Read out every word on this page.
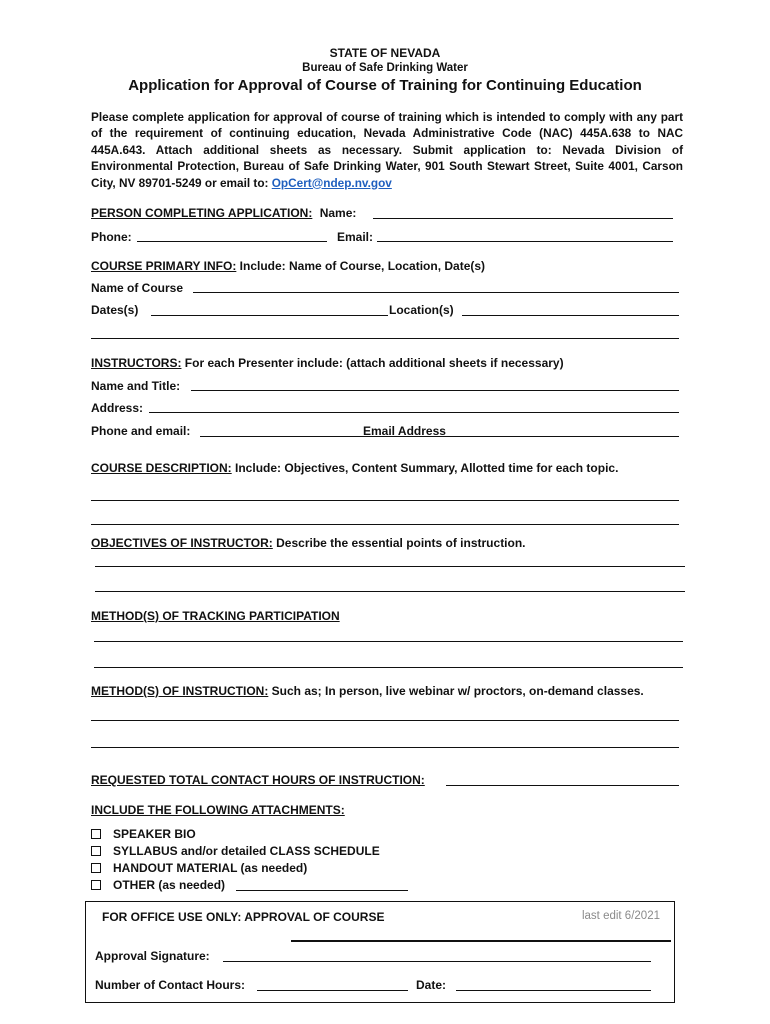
STATE OF NEVADA
Bureau of Safe Drinking Water
Application for Approval of Course of Training for Continuing Education
Please complete application for approval of course of training which is intended to comply with any part of the requirement of continuing education, Nevada Administrative Code (NAC) 445A.638 to NAC 445A.643. Attach additional sheets as necessary. Submit application to: Nevada Division of Environmental Protection, Bureau of Safe Drinking Water, 901 South Stewart Street, Suite 4001, Carson City, NV 89701-5249 or email to: OpCert@ndep.nv.gov
PERSON COMPLETING APPLICATION: Name:
Phone:	Email:
COURSE PRIMARY INFO: Include: Name of Course, Location, Date(s)
Name of Course
Dates(s)	Location(s)
INSTRUCTORS: For each Presenter include: (attach additional sheets if necessary)
Name and Title:
Address:
Phone and email:	Email Address
COURSE DESCRIPTION: Include: Objectives, Content Summary, Allotted time for each topic.
OBJECTIVES OF INSTRUCTOR: Describe the essential points of instruction.
METHOD(S) OF TRACKING PARTICIPATION
METHOD(S) OF INSTRUCTION: Such as; In person, live webinar w/ proctors, on-demand classes.
REQUESTED TOTAL CONTACT HOURS OF INSTRUCTION:
INCLUDE THE FOLLOWING ATTACHMENTS:
SPEAKER BIO
SYLLABUS and/or detailed CLASS SCHEDULE
HANDOUT MATERIAL (as needed)
OTHER (as needed)
FOR OFFICE USE ONLY: APPROVAL OF COURSE	last edit 6/2021
Approval Signature:
Number of Contact Hours:	Date:
